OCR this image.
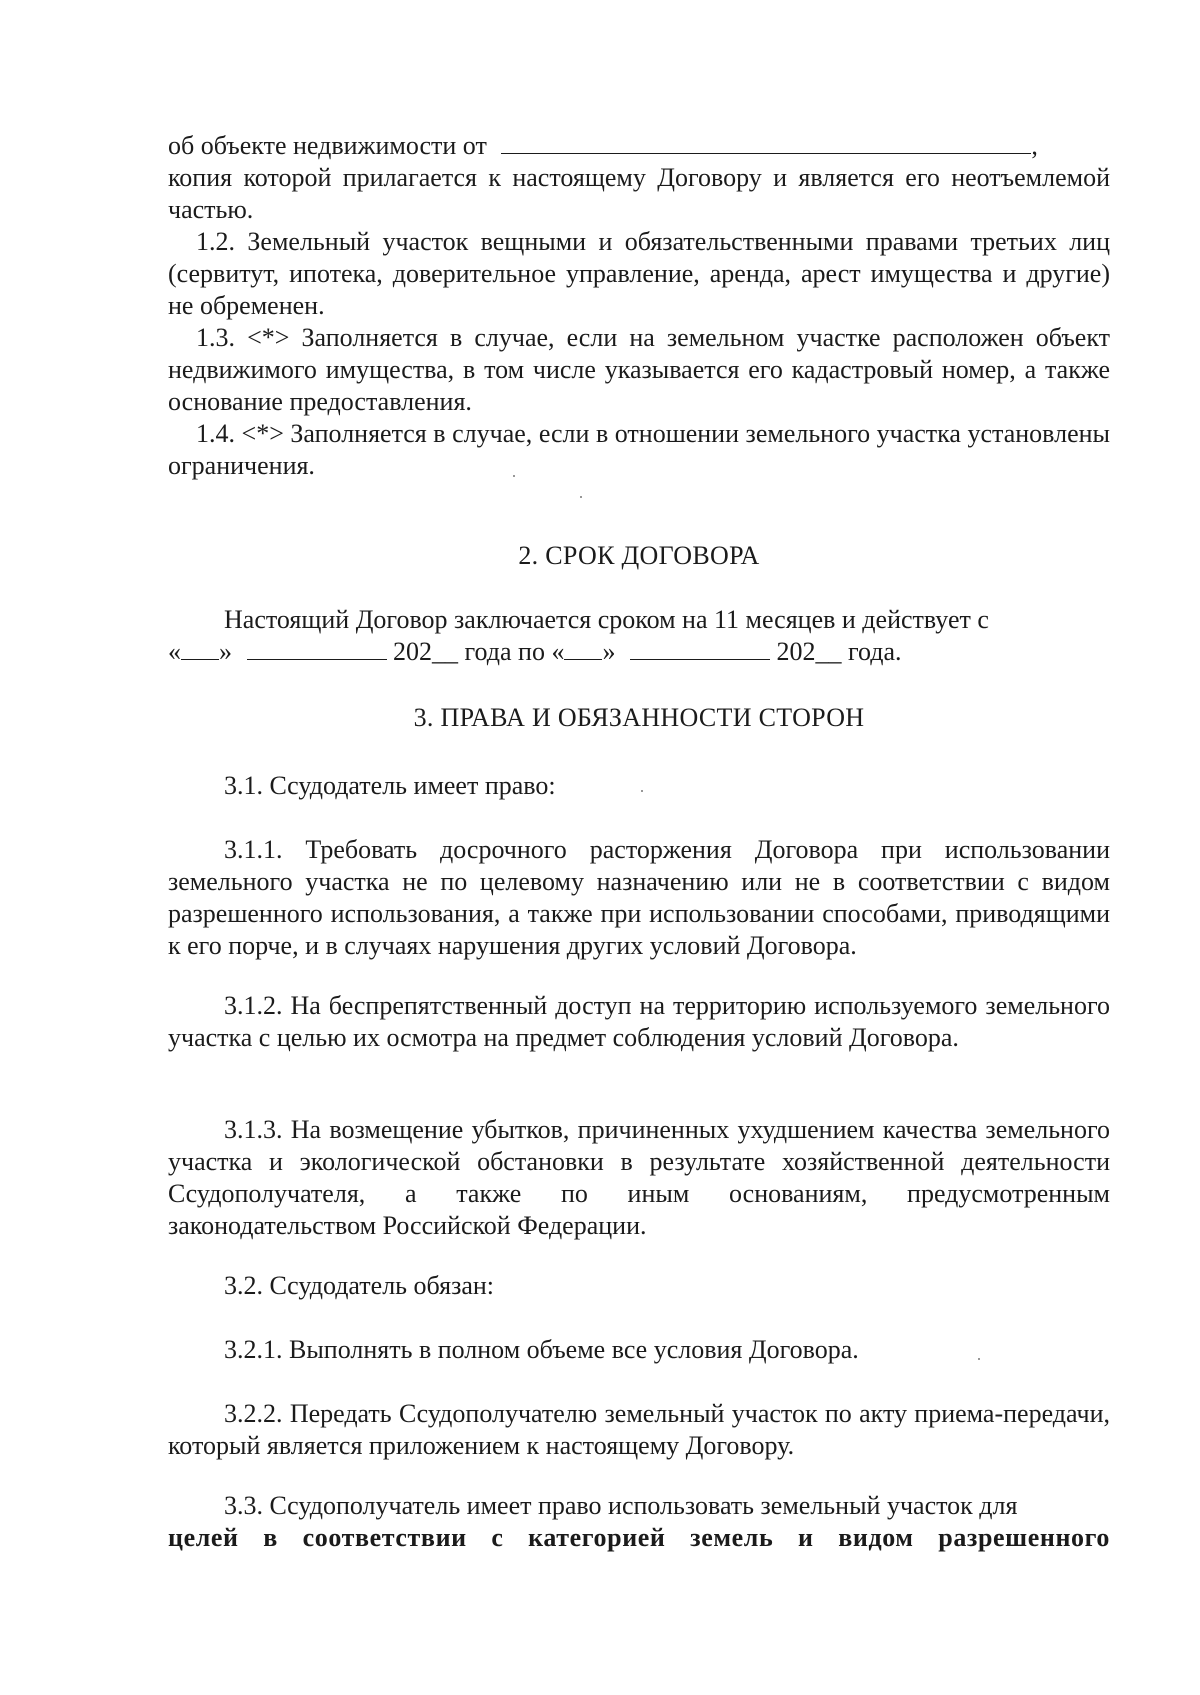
об объекте недвижимости от	,

копия которой прилагается к настоящему Договору и является его неотъемлемой частью.

1.2. Земельный участок вещными и обязательственными правами третьих лиц (сервитут, ипотека, доверительное управление, аренда, арест имущества и другие) не обременен.

1.3. <*> Заполняется в случае, если на земельном участке расположен объект недвижимого имущества, в том числе указывается его кадастровый номер, а также основание предоставления.

1.4. <*> Заполняется в случае, если в отношении земельного участка установлены ограничения.

2. СРОК ДОГОВОРА

Настоящий Договор заключается сроком на 11 месяцев и действует с

« »	202__ года по « »	202__ года.
3. ПРАВА И ОБЯЗАННОСТИ СТОРОН

3.1. Ссудодатель имеет право:

3.1.1. Требовать досрочного расторжения Договора при использовании земельного участка не по целевому назначению или не в соответствии с видом разрешенного использования, а также при использовании способами, приводящими к его порче, и в случаях нарушения других условий Договора.

3.1.2. На беспрепятственный доступ на территорию используемого земельного участка с целью их осмотра на предмет соблюдения условий Договора.

3.1.3. На возмещение убытков, причиненных ухудшением качества земельного участка и экологической обстановки в результате хозяйственной деятельности Ссудополучателя, а также по иным основаниям, предусмотренным законодательством Российской Федерации.

3.2. Ссудодатель обязан:

3.2.1. Выполнять в полном объеме все условия Договора.

3.2.2. Передать Ссудополучателю земельный участок по акту приема-передачи, который является приложением к настоящему Договору.

3.3. Ссудополучатель имеет право использовать земельный участок для

целей в соответствии с категорией земель и видом разрешенного
